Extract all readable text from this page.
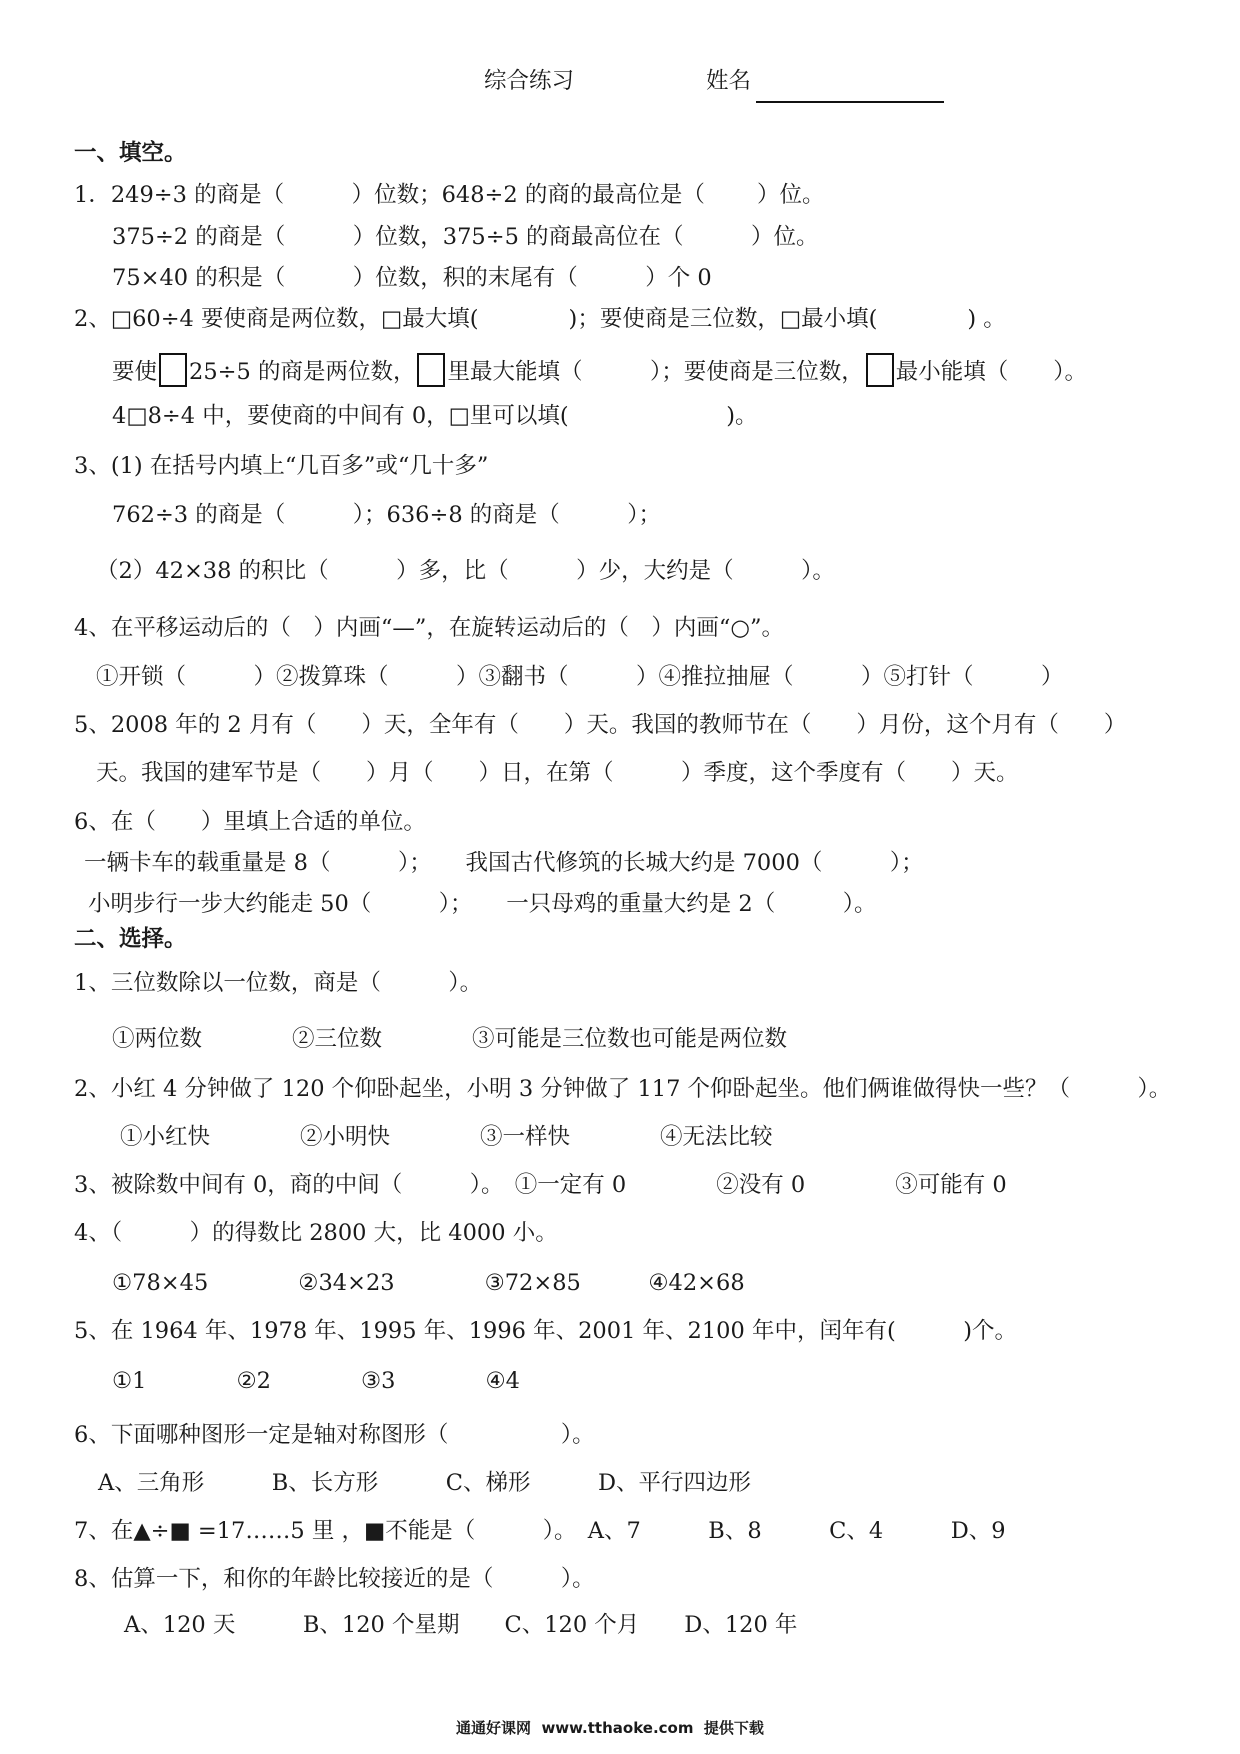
综合练习	姓名
一、填空。
1．249÷3 的商是（　　　）位数；648÷2 的商的最高位是（　　 ）位。
375÷2 的商是（　　　）位数，375÷5 的商最高位在（　　　）位。
75×40 的积是（　　　）位数，积的末尾有（　　　）个 0
2、□60÷4 要使商是两位数，□最大填(　　　　)；要使商是三位数，□最小填(　　　　) 。
要使 25÷5 的商是两位数， 里最大能填（　　　）；要使商是三位数， 最小能填（　　）。
4□8÷4 中，要使商的中间有 0，□里可以填(　　　　　　　)。
3、(1) 在括号内填上“几百多”或“几十多”
762÷3 的商是（　　　）；636÷8 的商是（　　　）；
（2）42×38 的积比（　　　）多，比（　　　）少，大约是（　　　）。
4、在平移运动后的（　）内画“—”，在旋转运动后的（　）内画“○”。
①开锁（　　　）②拨算珠（　　　）③翻书（　　　）④推拉抽屉（　　　）⑤打针（　　　）
5、2008 年的 2 月有（　　）天，全年有（　　）天。我国的教师节在（　　）月份，这个月有（　　）
天。我国的建军节是（　　）月（　　）日，在第（　　　）季度，这个季度有（　　）天。
6、在（　　）里填上合适的单位。
一辆卡车的载重量是 8（　　　）；　　我国古代修筑的长城大约是 7000（　　　）；
小明步行一步大约能走 50（　　　）；　　一只母鸡的重量大约是 2（　　　）。
二、选择。
1、三位数除以一位数，商是（　　　）。
①两位数　　　　②三位数　　　　③可能是三位数也可能是两位数
2、小红 4 分钟做了 120 个仰卧起坐，小明 3 分钟做了 117 个仰卧起坐。他们俩谁做得快一些？（　　　）。
①小红快　　　　②小明快　　　　③一样快　　　　④无法比较
3、被除数中间有 0，商的中间（　　　）。　①一定有 0　　　　②没有 0　　　　③可能有 0
4、（　　　）的得数比 2800 大，比 4000 小。
①78×45　　　　②34×23　　　　③72×85　　　④42×68
5、在 1964 年、1978 年、1995 年、1996 年、2001 年、2100 年中，闰年有(　　　)个。
①1　　　　②2　　　　③3　　　　④4
6、下面哪种图形一定是轴对称图形（　　　　　）。
A、三角形　　　B、长方形　　　C、梯形　　　D、平行四边形
7、在▲÷■ =17……5 里 ，■不能是（　　　）。　A、7　　　B、8　　　C、4　　　D、9
8、估算一下，和你的年龄比较接近的是（　　　）。
A、120 天　　　B、120 个星期　　C、120 个月　　D、120 年
通通好课网  www.tthaoke.com  提供下载
